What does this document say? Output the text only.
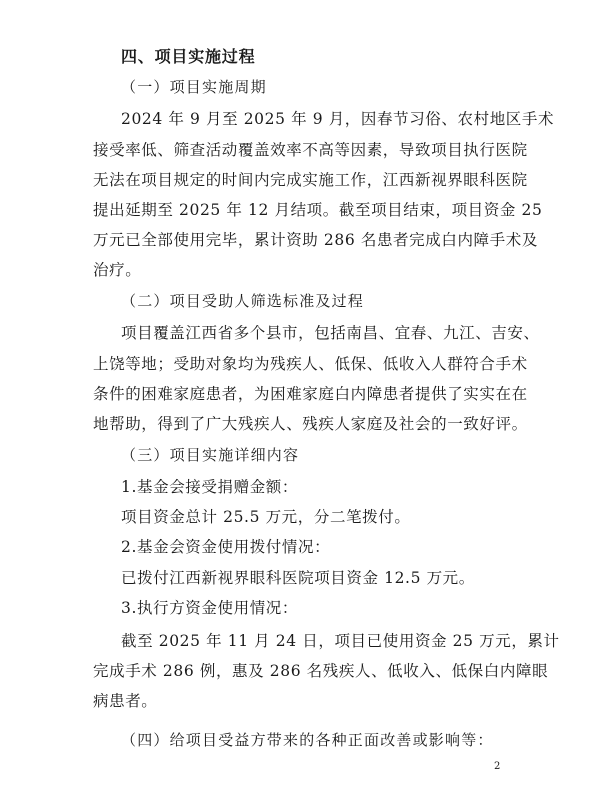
四、项目实施过程
（一）项目实施周期
2024 年 9 月至 2025 年 9 月，因春节习俗、农村地区手术
接受率低、筛查活动覆盖效率不高等因素，导致项目执行医院
无法在项目规定的时间内完成实施工作，江西新视界眼科医院
提出延期至 2025 年 12 月结项。截至项目结束，项目资金 25
万元已全部使用完毕，累计资助 286 名患者完成白内障手术及
治疗。
（二）项目受助人筛选标准及过程
项目覆盖江西省多个县市，包括南昌、宜春、九江、吉安、
上饶等地；受助对象均为残疾人、低保、低收入人群符合手术
条件的困难家庭患者，为困难家庭白内障患者提供了实实在在
地帮助，得到了广大残疾人、残疾人家庭及社会的一致好评。
（三）项目实施详细内容
1.基金会接受捐赠金额：
项目资金总计 25.5 万元，分二笔拨付。
2.基金会资金使用拨付情况：
已拨付江西新视界眼科医院项目资金 12.5 万元。
3.执行方资金使用情况：
截至 2025 年 11 月 24 日，项目已使用资金 25 万元，累计
完成手术 286 例，惠及 286 名残疾人、低收入、低保白内障眼
病患者。
（四）给项目受益方带来的各种正面改善或影响等：
2
